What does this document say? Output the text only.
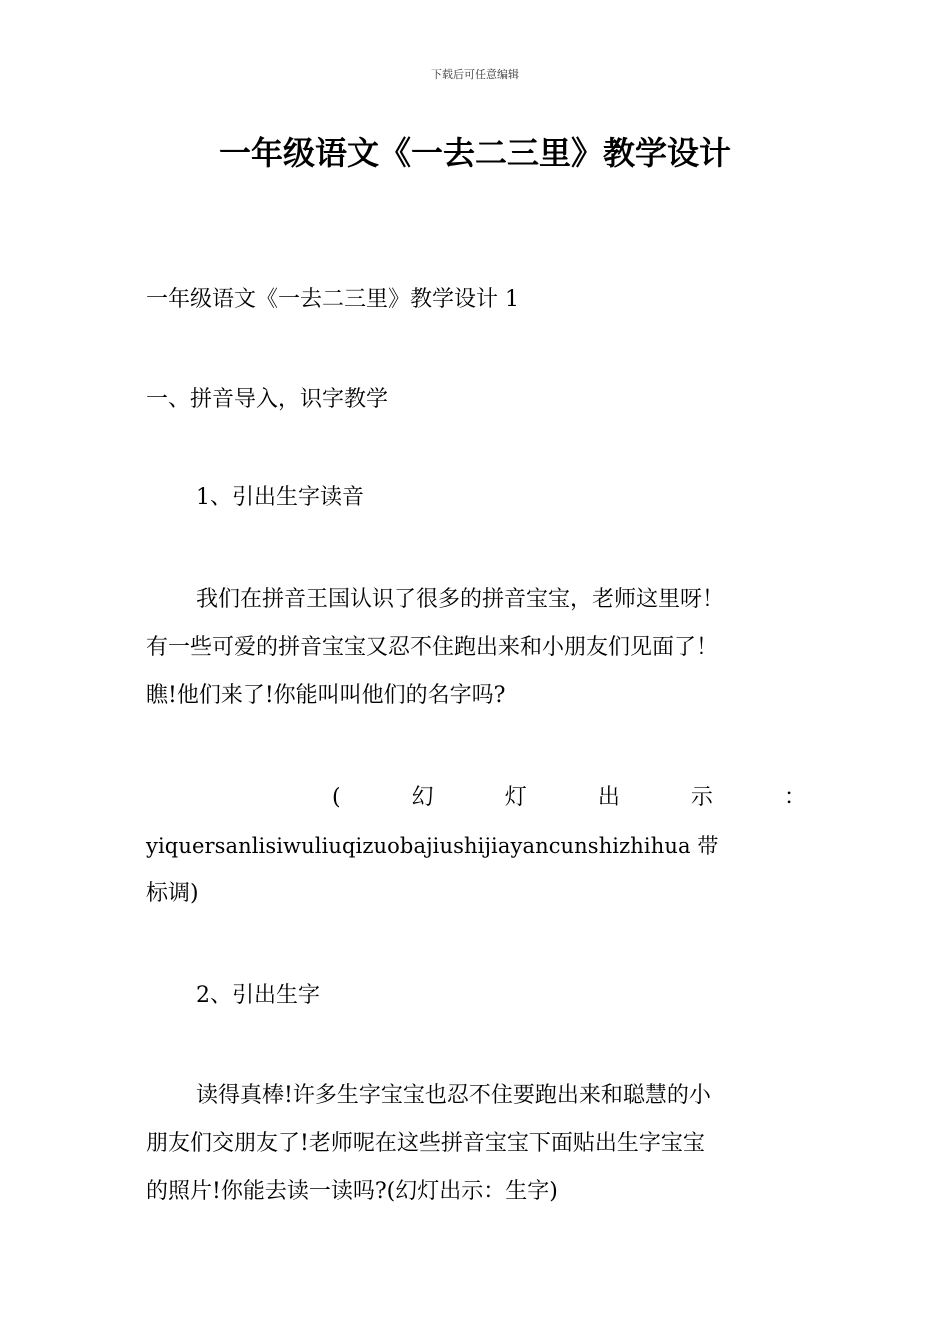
下载后可任意编辑
一年级语文《一去二三里》教学设计

一年级语文《一去二三里》教学设计 1

一、拼音导入，识字教学

1、引出生字读音

我们在拼音王国认识了很多的拼音宝宝，老师这里呀！
有一些可爱的拼音宝宝又忍不住跑出来和小朋友们见面了！
瞧!他们来了!你能叫叫他们的名字吗?
(	幻	灯	出	示	：
yiquersanlisiwuliuqizuobajiushijiayancunshizhihua 带
标调)

2、引出生字

读得真棒!许多生字宝宝也忍不住要跑出来和聪慧的小
朋友们交朋友了!老师呢在这些拼音宝宝下面贴出生字宝宝
的照片!你能去读一读吗?(幻灯出示：生字)
